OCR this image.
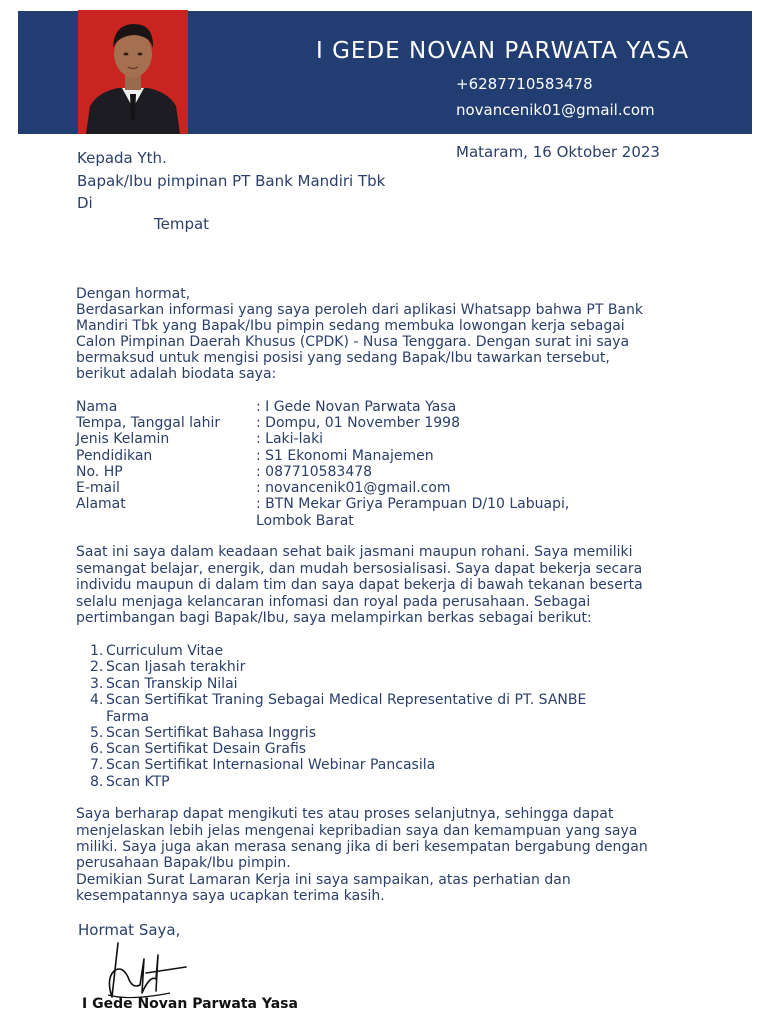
I GEDE NOVAN PARWATA YASA
+6287710583478
novancenik01@gmail.com
Mataram, 16 Oktober 2023
Kepada Yth.
Bapak/Ibu pimpinan PT Bank Mandiri Tbk
Di
Tempat
Dengan hormat,
Berdasarkan informasi yang saya peroleh dari aplikasi Whatsapp bahwa PT Bank
Mandiri Tbk yang Bapak/Ibu pimpin sedang membuka lowongan kerja sebagai
Calon Pimpinan Daerah Khusus (CPDK) - Nusa Tenggara. Dengan surat ini saya
bermaksud untuk mengisi posisi yang sedang Bapak/Ibu tawarkan tersebut,
berikut adalah biodata saya:
Nama	: I Gede Novan Parwata Yasa
Tempa, Tanggal lahir	: Dompu, 01 November 1998
Jenis Kelamin	: Laki-laki
Pendidikan	: S1 Ekonomi Manajemen
No. HP	: 087710583478
E-mail	: novancenik01@gmail.com
Alamat	: BTN Mekar Griya Perampuan D/10 Labuapi,
Lombok Barat
Saat ini saya dalam keadaan sehat baik jasmani maupun rohani. Saya memiliki
semangat belajar, energik, dan mudah bersosialisasi. Saya dapat bekerja secara
individu maupun di dalam tim dan saya dapat bekerja di bawah tekanan beserta
selalu menjaga kelancaran infomasi dan royal pada perusahaan. Sebagai
pertimbangan bagi Bapak/Ibu, saya melampirkan berkas sebagai berikut:
1. Curriculum Vitae
2. Scan Ijasah terakhir
3. Scan Transkip Nilai
4. Scan Sertifikat Traning Sebagai Medical Representative di PT. SANBE
Farma
5. Scan Sertifikat Bahasa Inggris
6. Scan Sertifikat Desain Grafis
7. Scan Sertifikat Internasional Webinar Pancasila
8. Scan KTP
Saya berharap dapat mengikuti tes atau proses selanjutnya, sehingga dapat
menjelaskan lebih jelas mengenai kepribadian saya dan kemampuan yang saya
miliki. Saya juga akan merasa senang jika di beri kesempatan bergabung dengan
perusahaan Bapak/Ibu pimpin.
Demikian Surat Lamaran Kerja ini saya sampaikan, atas perhatian dan
kesempatannya saya ucapkan terima kasih.
Hormat Saya,
I Gede Novan Parwata Yasa
